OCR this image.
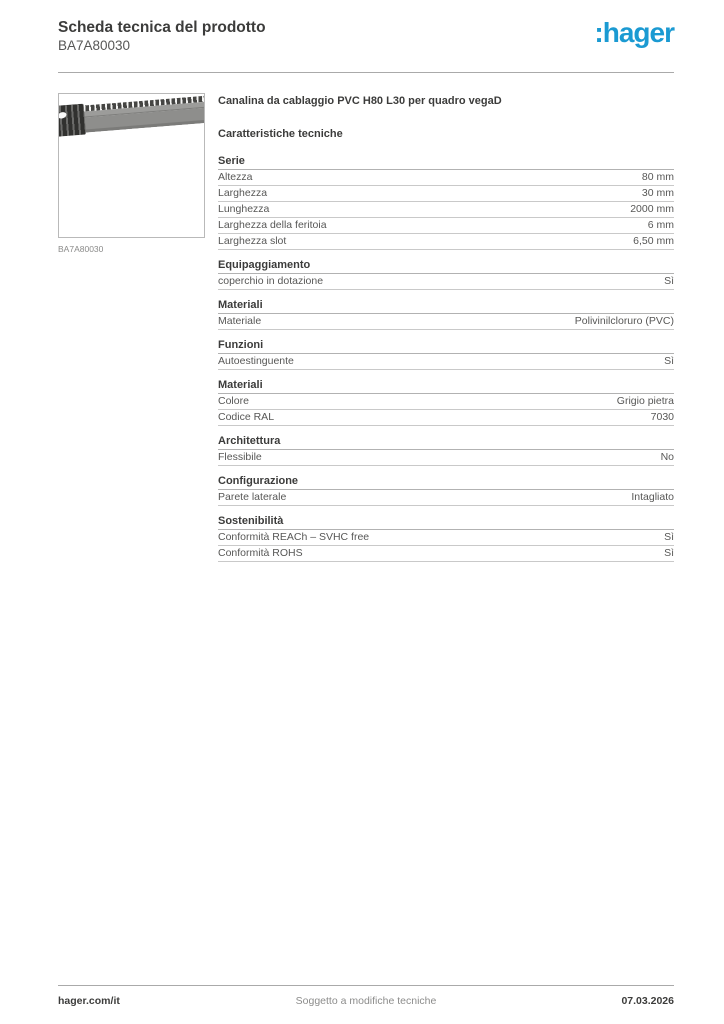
Scheda tecnica del prodotto
BA7A80030	:hager
BA7A80030
Canalina da cablaggio PVC H80 L30 per quadro vegaD
Caratteristiche tecniche
Serie
Altezza	80 mm
Larghezza	30 mm
Lunghezza	2000 mm
Larghezza della feritoia	6 mm
Larghezza slot	6,50 mm
Equipaggiamento
coperchio in dotazione	Sì
Materiali
Materiale	Polivinilcloruro (PVC)
Funzioni
Autoestinguente	Sì
Materiali
Colore	Grigio pietra
Codice RAL	7030
Architettura
Flessibile	No
Configurazione
Parete laterale	Intagliato
Sostenibilità
Conformità REACh – SVHC free	Sì
Conformità ROHS	Sì
hager.com/it	Soggetto a modifiche tecniche	07.03.2026
